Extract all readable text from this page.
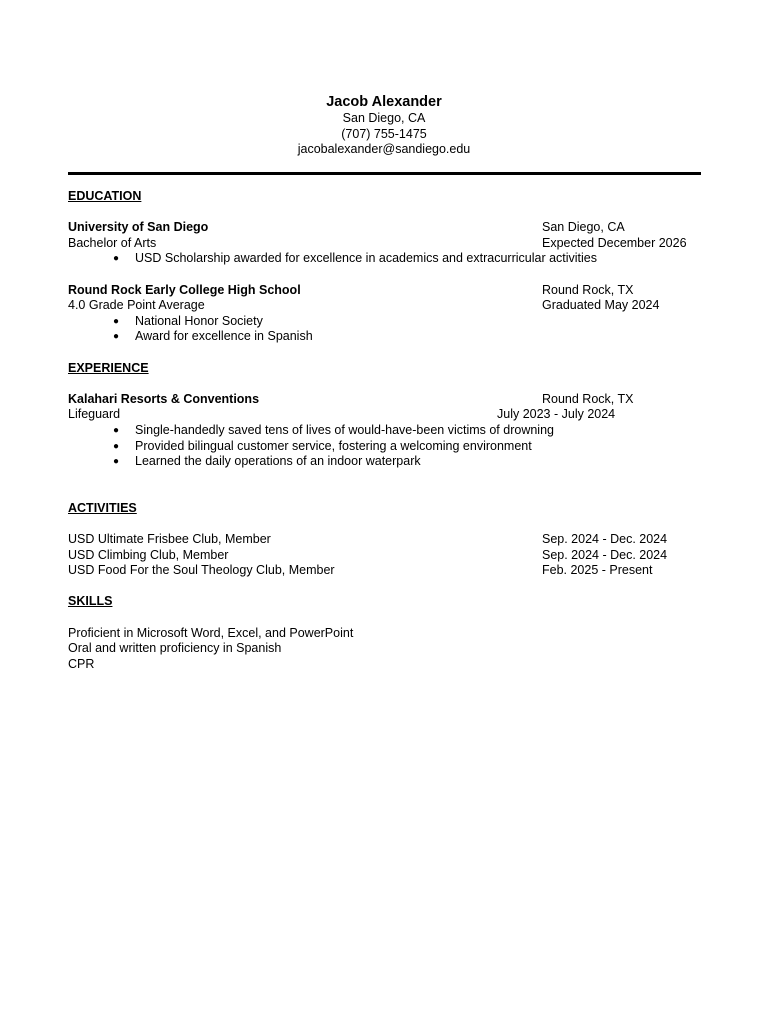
Jacob Alexander
San Diego, CA
(707) 755-1475
jacobalexander@sandiego.edu
EDUCATION
University of San Diego	San Diego, CA
Bachelor of Arts	Expected December 2026
● USD Scholarship awarded for excellence in academics and extracurricular activities
Round Rock Early College High School	Round Rock, TX
4.0 Grade Point Average	Graduated May 2024
● National Honor Society
● Award for excellence in Spanish
EXPERIENCE
Kalahari Resorts & Conventions	Round Rock, TX
Lifeguard	July 2023 - July 2024
● Single-handedly saved tens of lives of would-have-been victims of drowning
● Provided bilingual customer service, fostering a welcoming environment
● Learned the daily operations of an indoor waterpark
ACTIVITIES
USD Ultimate Frisbee Club, Member	Sep. 2024 - Dec. 2024
USD Climbing Club, Member	Sep. 2024 - Dec. 2024
USD Food For the Soul Theology Club, Member	Feb. 2025 - Present
SKILLS
Proficient in Microsoft Word, Excel, and PowerPoint
Oral and written proficiency in Spanish
CPR
